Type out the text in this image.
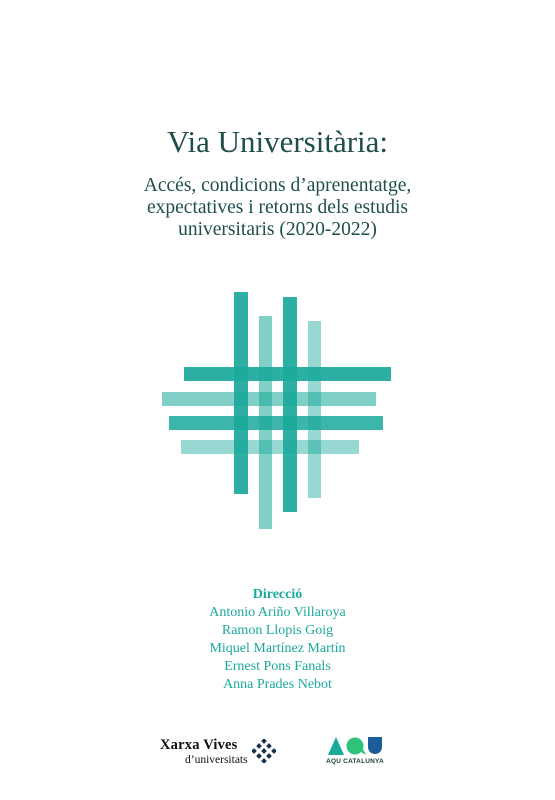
Via Universitària:
Accés, condicions d’aprenentatge,
expectatives i retorns dels estudis
universitaris (2020-2022)
Direcció
Antonio Ariño Villaroya
Ramon Llopis Goig
Miquel Martínez Martín
Ernest Pons Fanals
Anna Prades Nebot
Xarxa Vives
d’universitats	AQU CATALUNYA
